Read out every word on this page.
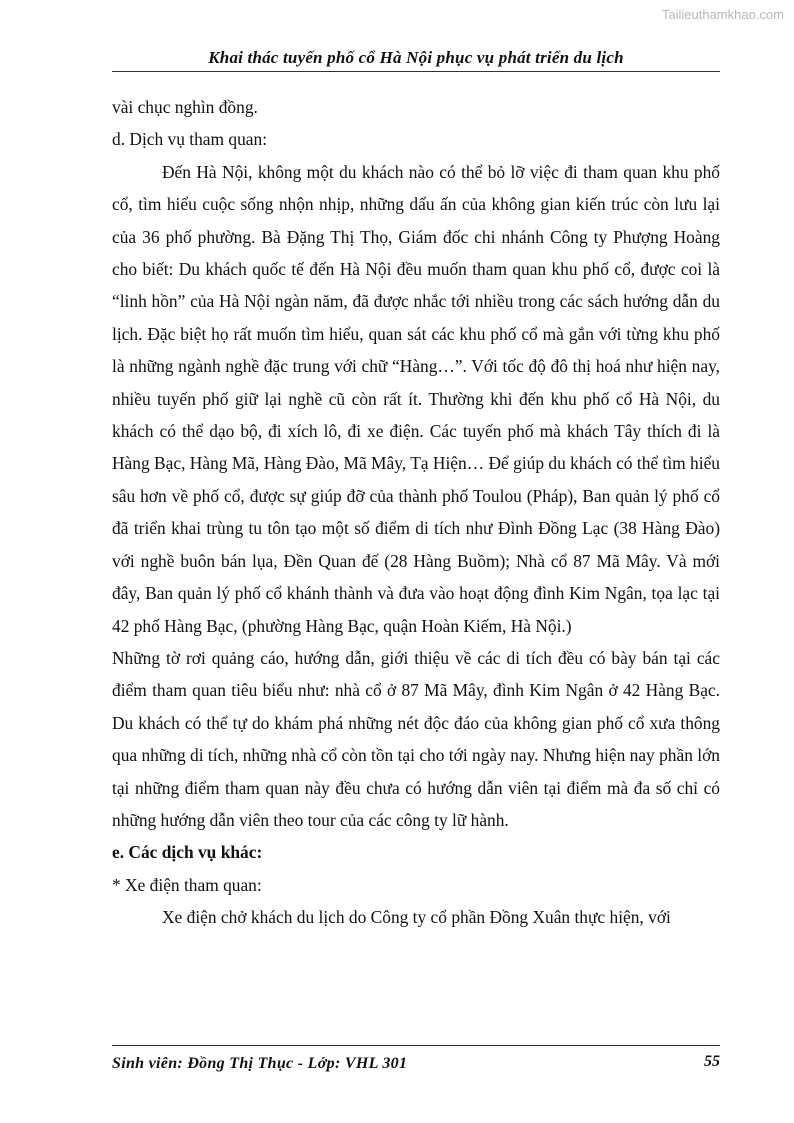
Tailieuthamkhao.com
Khai thác tuyến phố cổ Hà Nội phục vụ phát triển du lịch

vài chục nghìn đồng.

d. Dịch vụ tham quan:

Đến Hà Nội, không một du khách nào có thể bỏ lỡ việc đi tham quan khu phố cổ, tìm hiểu cuộc sống nhộn nhịp, những dấu ấn của không gian kiến trúc còn lưu lại của 36 phố phường. Bà Đặng Thị Thọ, Giám đốc chi nhánh Công ty Phượng Hoàng cho biết: Du khách quốc tế đến Hà Nội đều muốn tham quan khu phố cổ, được coi là “linh hồn” của Hà Nội ngàn năm, đã được nhắc tới nhiều trong các sách hướng dẫn du lịch. Đặc biệt họ rất muốn tìm hiểu, quan sát các khu phố cổ mà gắn với từng khu phố là những ngành nghề đặc trung với chữ “Hàng…”. Với tốc độ đô thị hoá như hiện nay, nhiều tuyến phố giữ lại nghề cũ còn rất ít. Thường khi đến khu phố cổ Hà Nội, du khách có thể dạo bộ, đi xích lô, đi xe điện. Các tuyến phố mà khách Tây thích đi là Hàng Bạc, Hàng Mã, Hàng Đào, Mã Mây, Tạ Hiện… Để giúp du khách có thể tìm hiểu sâu hơn về phố cổ, được sự giúp đỡ của thành phố Toulou (Pháp), Ban quản lý phố cổ đã triển khai trùng tu tôn tạo một số điểm di tích như Đình Đồng Lạc (38 Hàng Đào) với nghề buôn bán lụa, Đền Quan đế (28 Hàng Buồm); Nhà cổ 87 Mã Mây. Và mới đây, Ban quản lý phố cổ khánh thành và đưa vào hoạt động đình Kim Ngân, tọa lạc tại 42 phố Hàng Bạc, (phường Hàng Bạc, quận Hoàn Kiếm, Hà Nội.)

Những tờ rơi quảng cáo, hướng dẫn, giới thiệu về các di tích đều có bày bán tại các điểm tham quan tiêu biểu như: nhà cổ ở 87 Mã Mây, đình Kim Ngân ở 42 Hàng Bạc. Du khách có thể tự do khám phá những nét độc đáo của không gian phố cổ xưa thông qua những di tích, những nhà cổ còn tồn tại cho tới ngày nay. Nhưng hiện nay phần lớn tại những điểm tham quan này đều chưa có hướng dẫn viên tại điểm mà đa số chỉ có những hướng dẫn viên theo tour của các công ty lữ hành.

e. Các dịch vụ khác:

* Xe điện tham quan:

Xe điện chở khách du lịch do Công ty cổ phần Đồng Xuân thực hiện, với

Sinh viên: Đồng Thị Thục - Lớp: VHL 301	55
